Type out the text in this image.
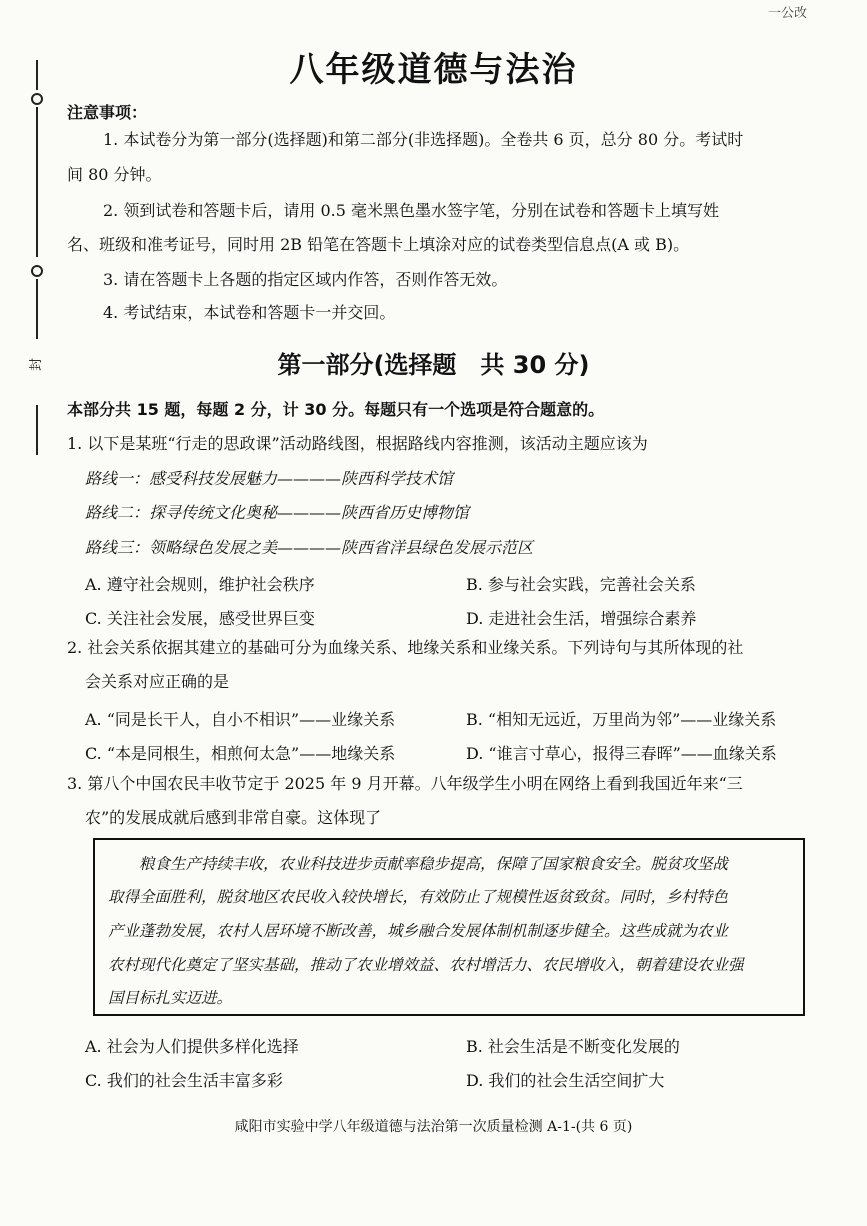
封
一公改
八年级道德与法治
注意事项：
1. 本试卷分为第一部分(选择题)和第二部分(非选择题)。全卷共 6 页，总分 80 分。考试时
间 80 分钟。
2. 领到试卷和答题卡后，请用 0.5 毫米黑色墨水签字笔，分别在试卷和答题卡上填写姓
名、班级和准考证号，同时用 2B 铅笔在答题卡上填涂对应的试卷类型信息点(A 或 B)。
3. 请在答题卡上各题的指定区域内作答，否则作答无效。
4. 考试结束，本试卷和答题卡一并交回。
第一部分(选择题　共 30 分)
本部分共 15 题，每题 2 分，计 30 分。每题只有一个选项是符合题意的。
1. 以下是某班“行走的思政课”活动路线图，根据路线内容推测，该活动主题应该为
路线一：感受科技发展魅力————陕西科学技术馆
路线二：探寻传统文化奥秘————陕西省历史博物馆
路线三：领略绿色发展之美————陕西省洋县绿色发展示范区
A. 遵守社会规则，维护社会秩序	B. 参与社会实践，完善社会关系
C. 关注社会发展，感受世界巨变	D. 走进社会生活，增强综合素养
2. 社会关系依据其建立的基础可分为血缘关系、地缘关系和业缘关系。下列诗句与其所体现的社
会关系对应正确的是
A. “同是长干人，自小不相识”——业缘关系	B. “相知无远近，万里尚为邻”——业缘关系
C. “本是同根生，相煎何太急”——地缘关系	D. “谁言寸草心，报得三春晖”——血缘关系
3. 第八个中国农民丰收节定于 2025 年 9 月开幕。八年级学生小明在网络上看到我国近年来“三
农”的发展成就后感到非常自豪。这体现了
　　粮食生产持续丰收，农业科技进步贡献率稳步提高，保障了国家粮食安全。脱贫攻坚战
取得全面胜利，脱贫地区农民收入较快增长，有效防止了规模性返贫致贫。同时，乡村特色
产业蓬勃发展，农村人居环境不断改善，城乡融合发展体制机制逐步健全。这些成就为农业
农村现代化奠定了坚实基础，推动了农业增效益、农村增活力、农民增收入，朝着建设农业强
国目标扎实迈进。
A. 社会为人们提供多样化选择	B. 社会生活是不断变化发展的
C. 我们的社会生活丰富多彩	D. 我们的社会生活空间扩大
咸阳市实验中学八年级道德与法治第一次质量检测 A-1-(共 6 页)
